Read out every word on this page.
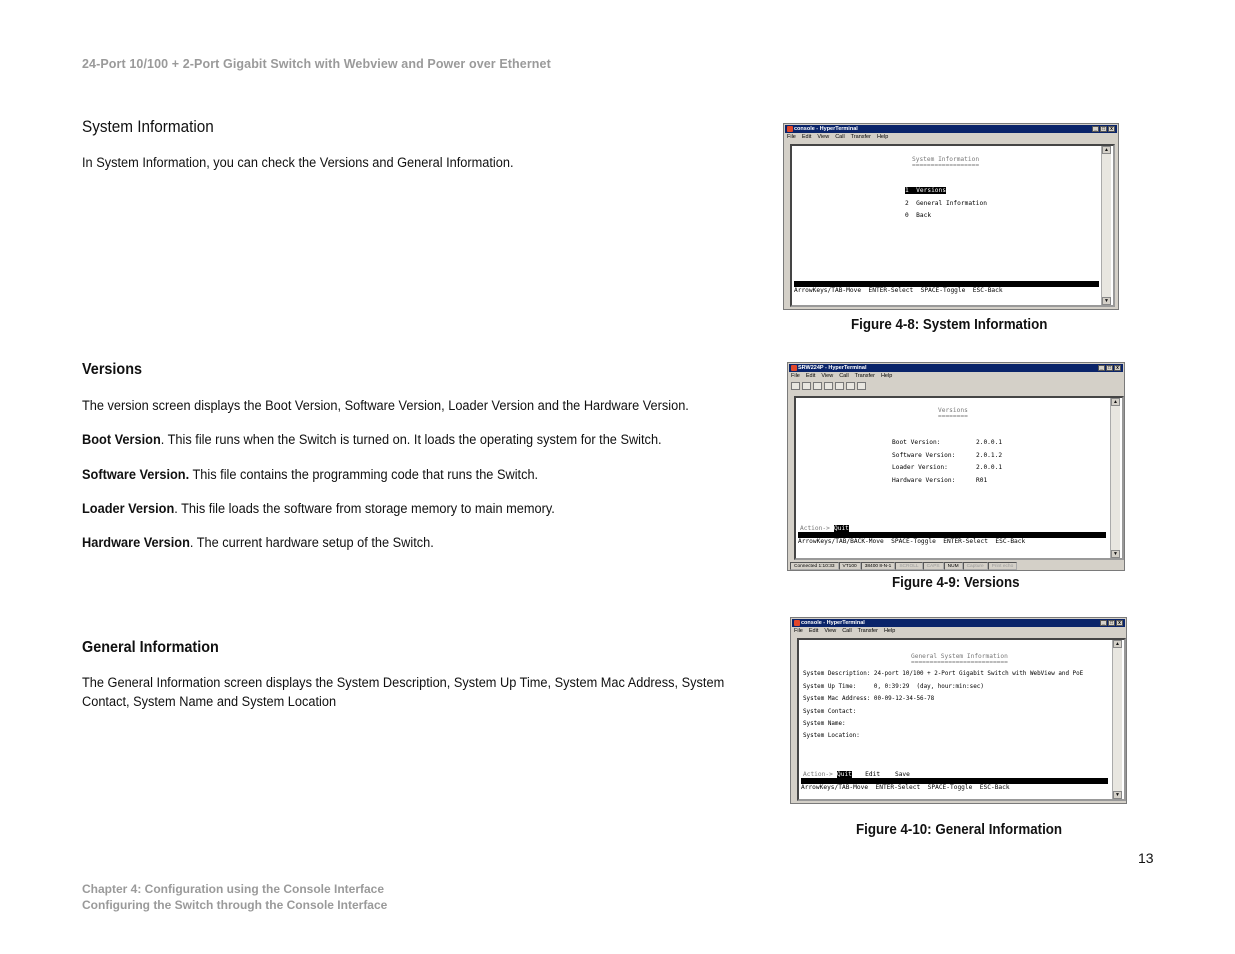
24-Port 10/100 + 2-Port Gigabit Switch with Webview and Power over Ethernet
System Information
In System Information, you can check the Versions and General Information.
Versions
The version screen displays the Boot Version, Software Version, Loader Version and the Hardware Version.
Boot Version. This file runs when the Switch is turned on. It loads the operating system for the Switch.
Software Version. This file contains the programming code that runs the Switch.
Loader Version. This file loads the software from storage memory to main memory.
Hardware Version. The current hardware setup of the Switch.
General Information
The General Information screen displays the System Description, System Up Time, System Mac Address, System Contact, System Name and System Location
console - HyperTerminal	_	□	x
File Edit View Call Transfer Help
System Information
==================
1  Versions
2  General Information
0  Back
ArrowKeys/TAB-Move  ENTER-Select  SPACE-Toggle  ESC-Back
▲
▼
Figure 4-8: System Information
SRW224P - HyperTerminal	_	□	x
File Edit View Call Transfer Help
Versions
========
Boot Version:	2.0.0.1
Software Version:	2.0.1.2
Loader Version:	2.0.0.1
Hardware Version:	R01
Action-> Quit
ArrowKeys/TAB/BACK-Move  SPACE-Toggle  ENTER-Select  ESC-Back
▲
▼
Connected 1:10:33	VT100	38400 8-N-1	SCROLL	CAPS	NUM	Capture	Print echo
Figure 4-9: Versions
console - HyperTerminal	_	□	x
File Edit View Call Transfer Help
General System Information
==========================
System Description: 24-port 10/100 + 2-Port Gigabit Switch with WebView and PoE
System Up Time:     0, 0:39:29  (day, hour:min:sec)
System Mac Address: 00-09-12-34-56-78
System Contact:
System Name:
System Location:
Action-> Quit Edit    Save
ArrowKeys/TAB-Move  ENTER-Select  SPACE-Toggle  ESC-Back
▲
▼
Figure 4-10: General Information
13
Chapter 4: Configuration using the Console Interface
Configuring the Switch through the Console Interface
